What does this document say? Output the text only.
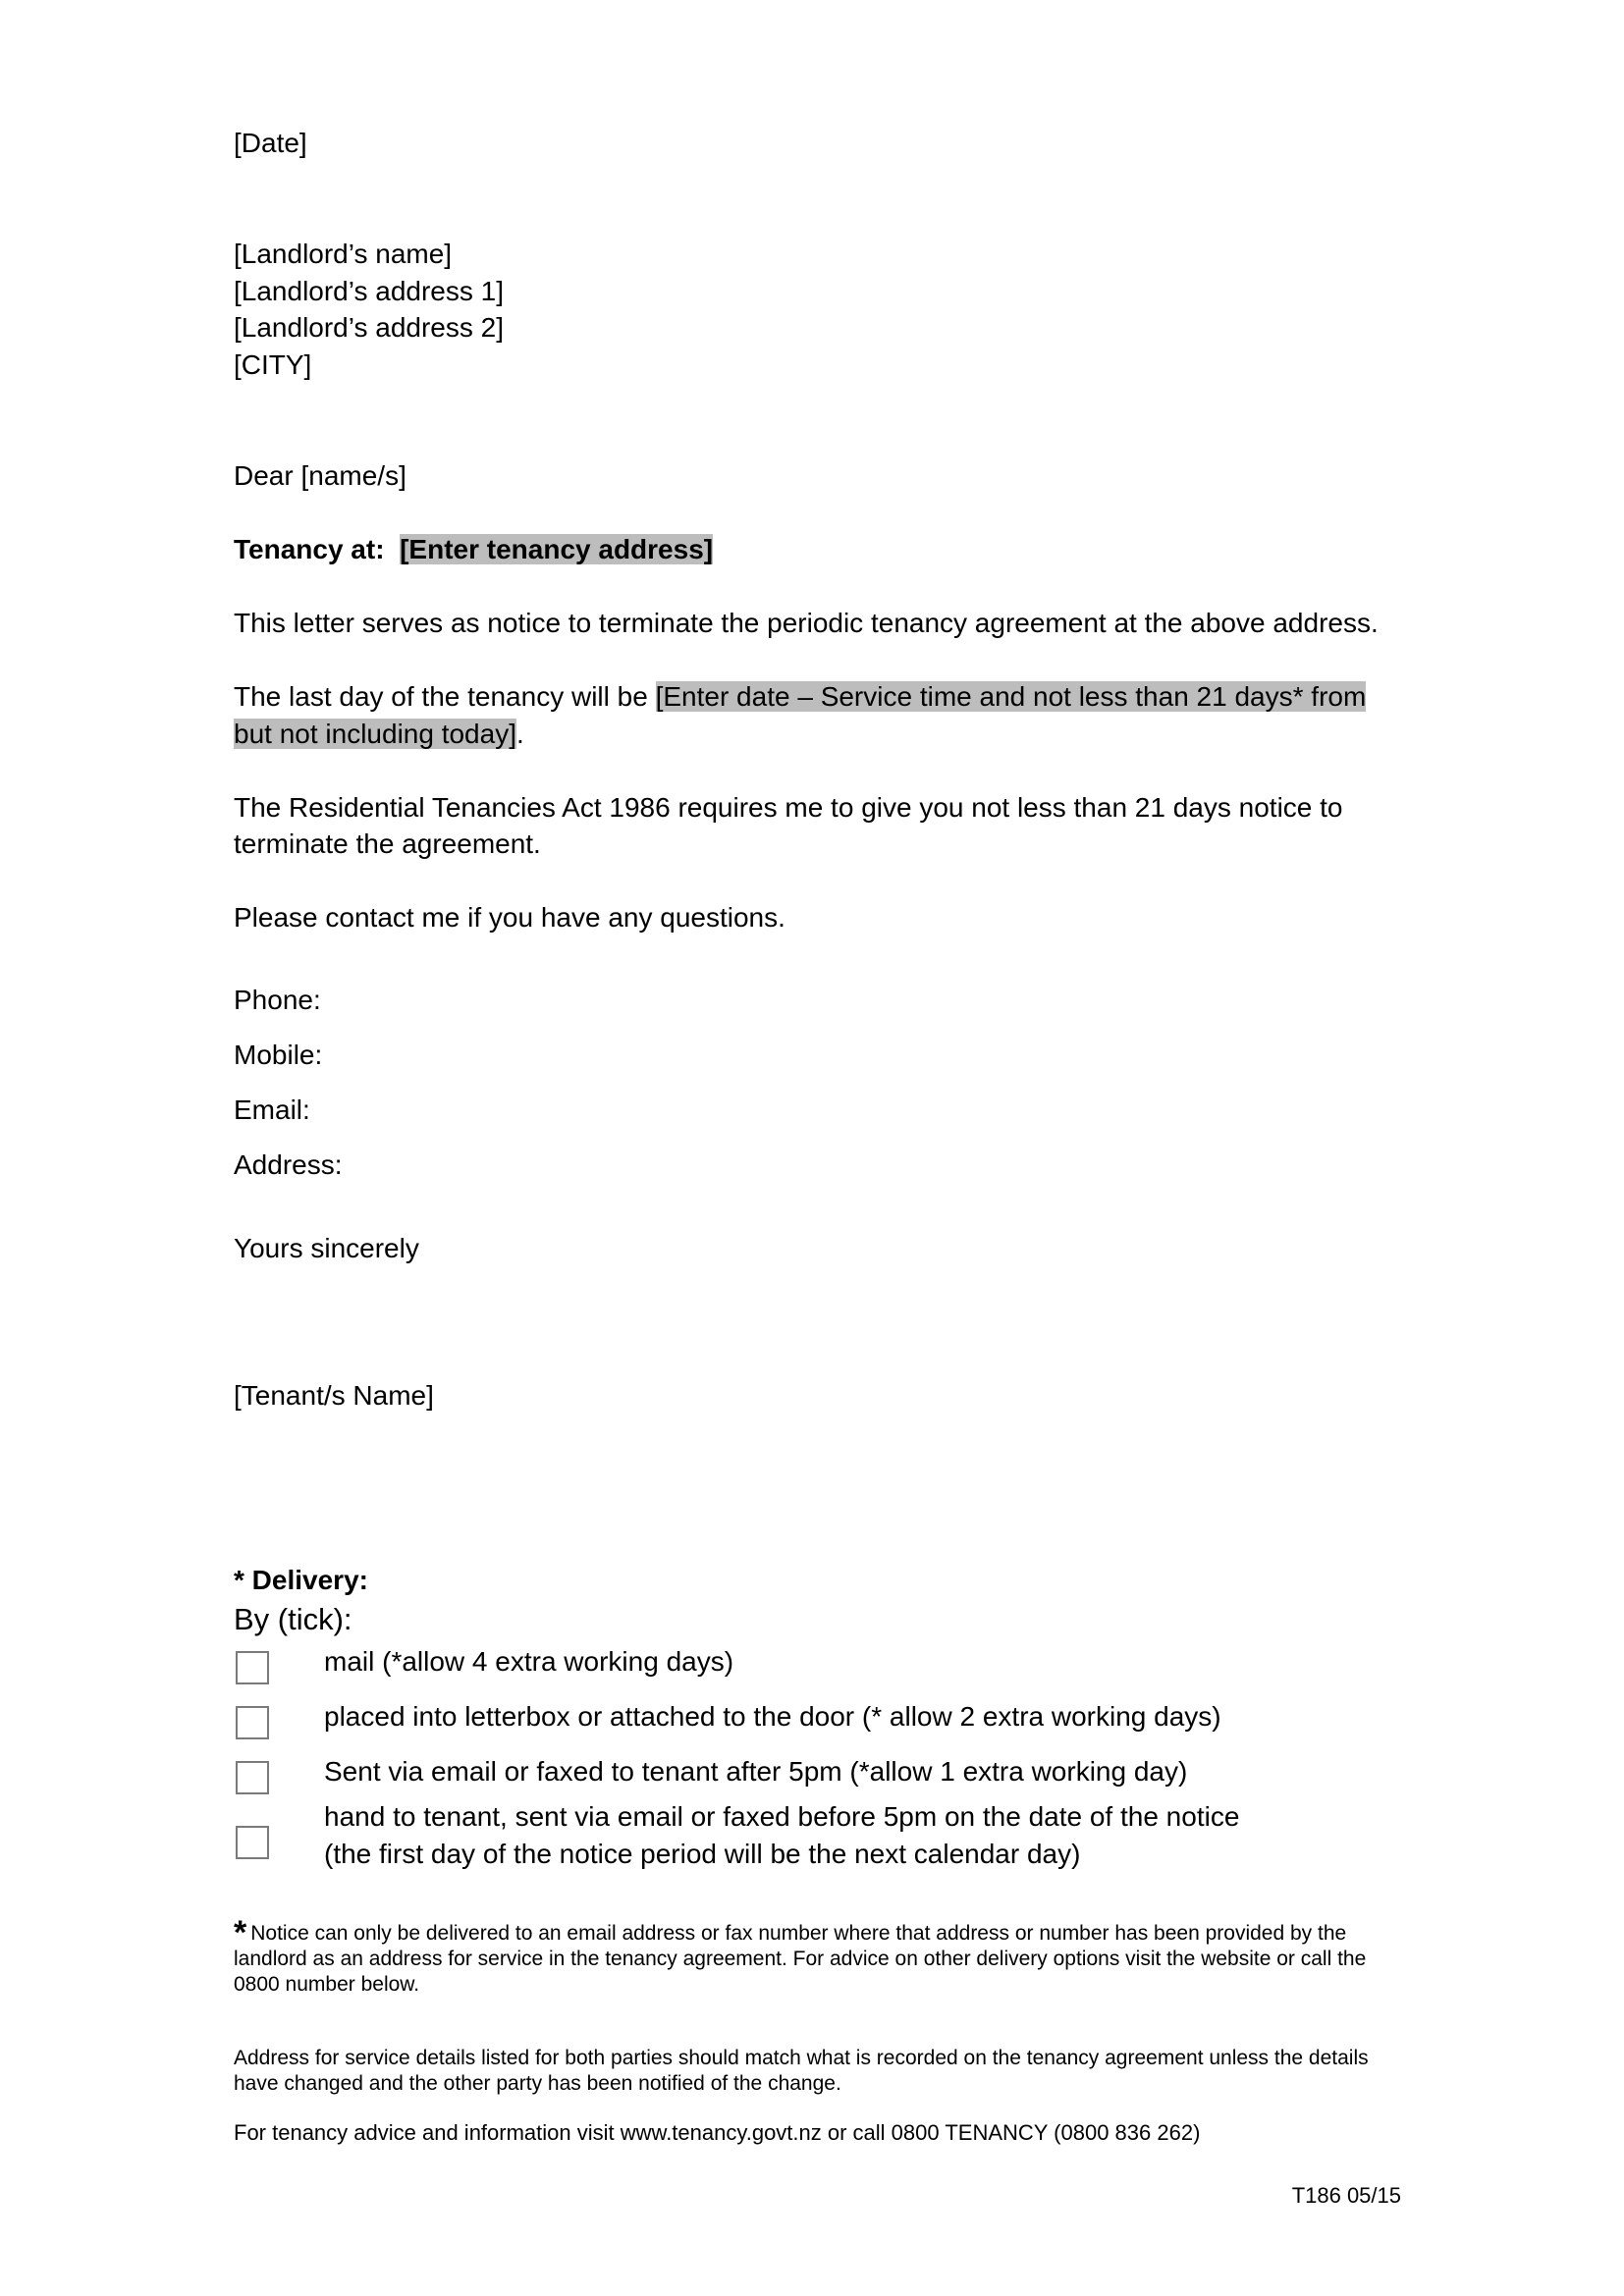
[Date]

[Landlord’s name]

[Landlord’s address 1]

[Landlord’s address 2]

[CITY]

Dear [name/s]

Tenancy at: [Enter tenancy address]

This letter serves as notice to terminate the periodic tenancy agreement at the above address.

The last day of the tenancy will be [Enter date – Service time and not less than 21 days* from

but not including today].

The Residential Tenancies Act 1986 requires me to give you not less than 21 days notice to

terminate the agreement.

Please contact me if you have any questions.

Phone:

Mobile:

Email:

Address:

Yours sincerely

[Tenant/s Name]

* Delivery:

By (tick):

mail (*allow 4 extra working days)

placed into letterbox or attached to the door (* allow 2 extra working days)

Sent via email or faxed to tenant after 5pm (*allow 1 extra working day)

hand to tenant, sent via email or faxed before 5pm on the date of the notice

(the first day of the notice period will be the next calendar day)

* Notice can only be delivered to an email address or fax number where that address or number has been provided by the landlord as an address for service in the tenancy agreement. For advice on other delivery options visit the website or call the 0800 number below.

Address for service details listed for both parties should match what is recorded on the tenancy agreement unless the details have changed and the other party has been notified of the change.

For tenancy advice and information visit www.tenancy.govt.nz or call 0800 TENANCY (0800 836 262)

T186 05/15
